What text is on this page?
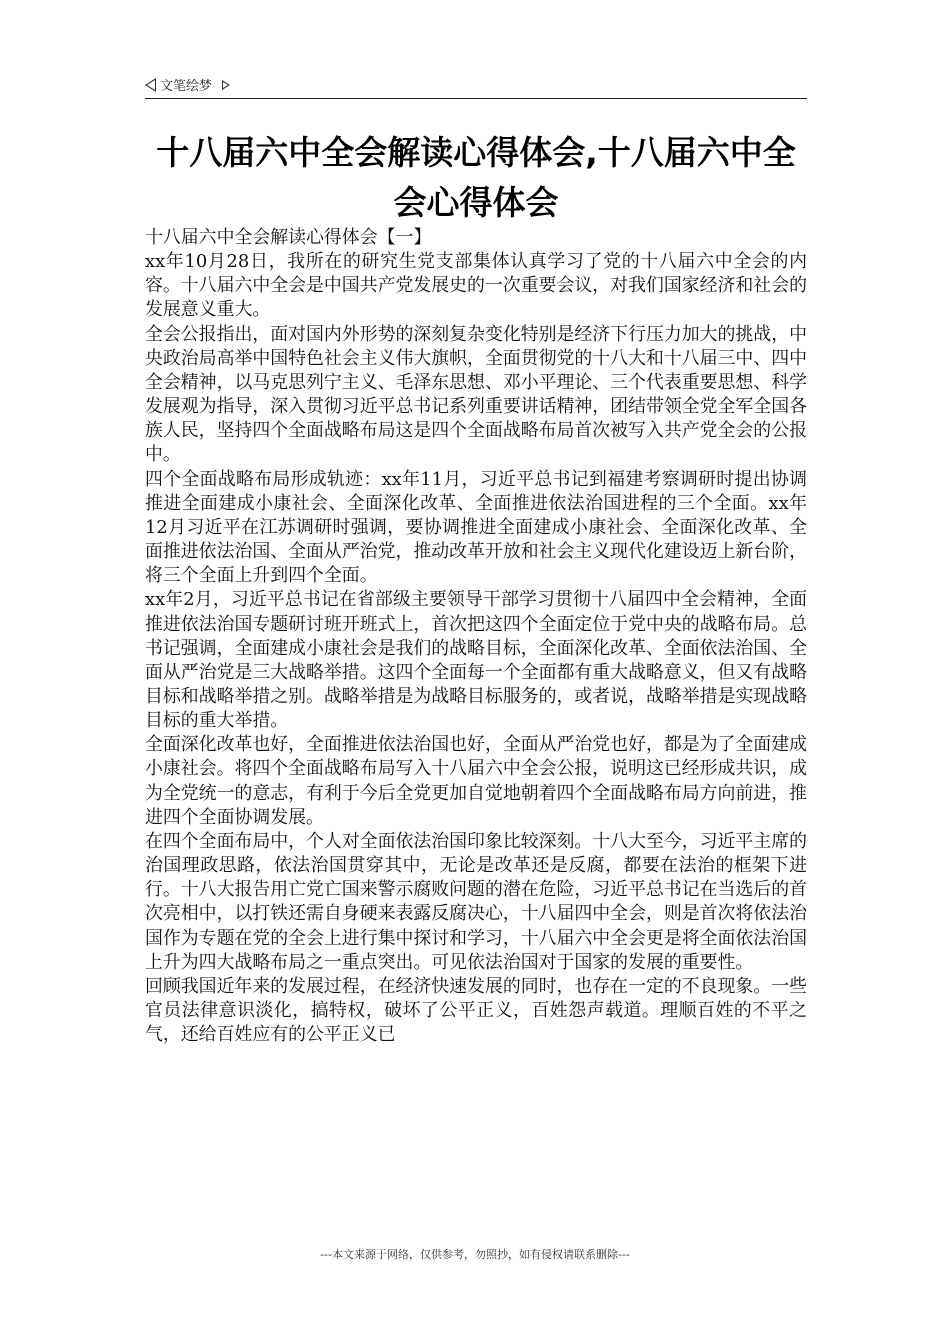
文笔绘梦
十八届六中全会解读心得体会,十八届六中全会心得体会

十八届六中全会解读心得体会【一】

xx年10月28日，我所在的研究生党支部集体认真学习了党的十八届六中全会的内容。十八届六中全会是中国共产党发展史的一次重要会议，对我们国家经济和社会的发展意义重大。

全会公报指出，面对国内外形势的深刻复杂变化特别是经济下行压力加大的挑战，中央政治局高举中国特色社会主义伟大旗帜，全面贯彻党的十八大和十八届三中、四中全会精神，以马克思列宁主义、毛泽东思想、邓小平理论、三个代表重要思想、科学发展观为指导，深入贯彻习近平总书记系列重要讲话精神，团结带领全党全军全国各族人民，坚持四个全面战略布局这是四个全面战略布局首次被写入共产党全会的公报中。

四个全面战略布局形成轨迹：xx年11月，习近平总书记到福建考察调研时提出协调推进全面建成小康社会、全面深化改革、全面推进依法治国进程的三个全面。xx年12月习近平在江苏调研时强调，要协调推进全面建成小康社会、全面深化改革、全面推进依法治国、全面从严治党，推动改革开放和社会主义现代化建设迈上新台阶，将三个全面上升到四个全面。

xx年2月，习近平总书记在省部级主要领导干部学习贯彻十八届四中全会精神，全面推进依法治国专题研讨班开班式上，首次把这四个全面定位于党中央的战略布局。总书记强调，全面建成小康社会是我们的战略目标，全面深化改革、全面依法治国、全面从严治党是三大战略举措。这四个全面每一个全面都有重大战略意义，但又有战略目标和战略举措之别。战略举措是为战略目标服务的，或者说，战略举措是实现战略目标的重大举措。

全面深化改革也好，全面推进依法治国也好，全面从严治党也好，都是为了全面建成小康社会。将四个全面战略布局写入十八届六中全会公报，说明这已经形成共识，成为全党统一的意志，有利于今后全党更加自觉地朝着四个全面战略布局方向前进，推进四个全面协调发展。

在四个全面布局中，个人对全面依法治国印象比较深刻。十八大至今，习近平主席的治国理政思路，依法治国贯穿其中，无论是改革还是反腐，都要在法治的框架下进行。十八大报告用亡党亡国来警示腐败问题的潜在危险，习近平总书记在当选后的首次亮相中，以打铁还需自身硬来表露反腐决心，十八届四中全会，则是首次将依法治国作为专题在党的全会上进行集中探讨和学习，十八届六中全会更是将全面依法治国上升为四大战略布局之一重点突出。可见依法治国对于国家的发展的重要性。

回顾我国近年来的发展过程，在经济快速发展的同时，也存在一定的不良现象。一些官员法律意识淡化，搞特权，破坏了公平正义，百姓怨声载道。理顺百姓的不平之气，还给百姓应有的公平正义已

---本文来源于网络，仅供参考，勿照抄，如有侵权请联系删除---
